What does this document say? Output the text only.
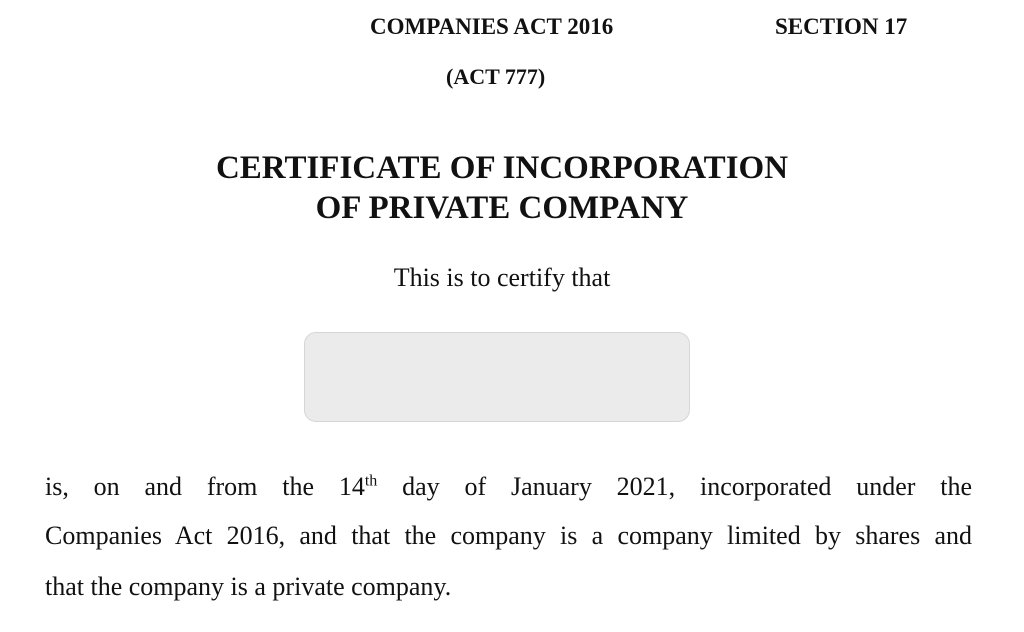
COMPANIES ACT 2016	SECTION 17
(ACT 777)
CERTIFICATE OF INCORPORATION
OF PRIVATE COMPANY
This is to certify that
is, on and from the 14th day of January 2021, incorporated under the
Companies Act 2016, and that the company is a company limited by shares and
that the company is a private company.
